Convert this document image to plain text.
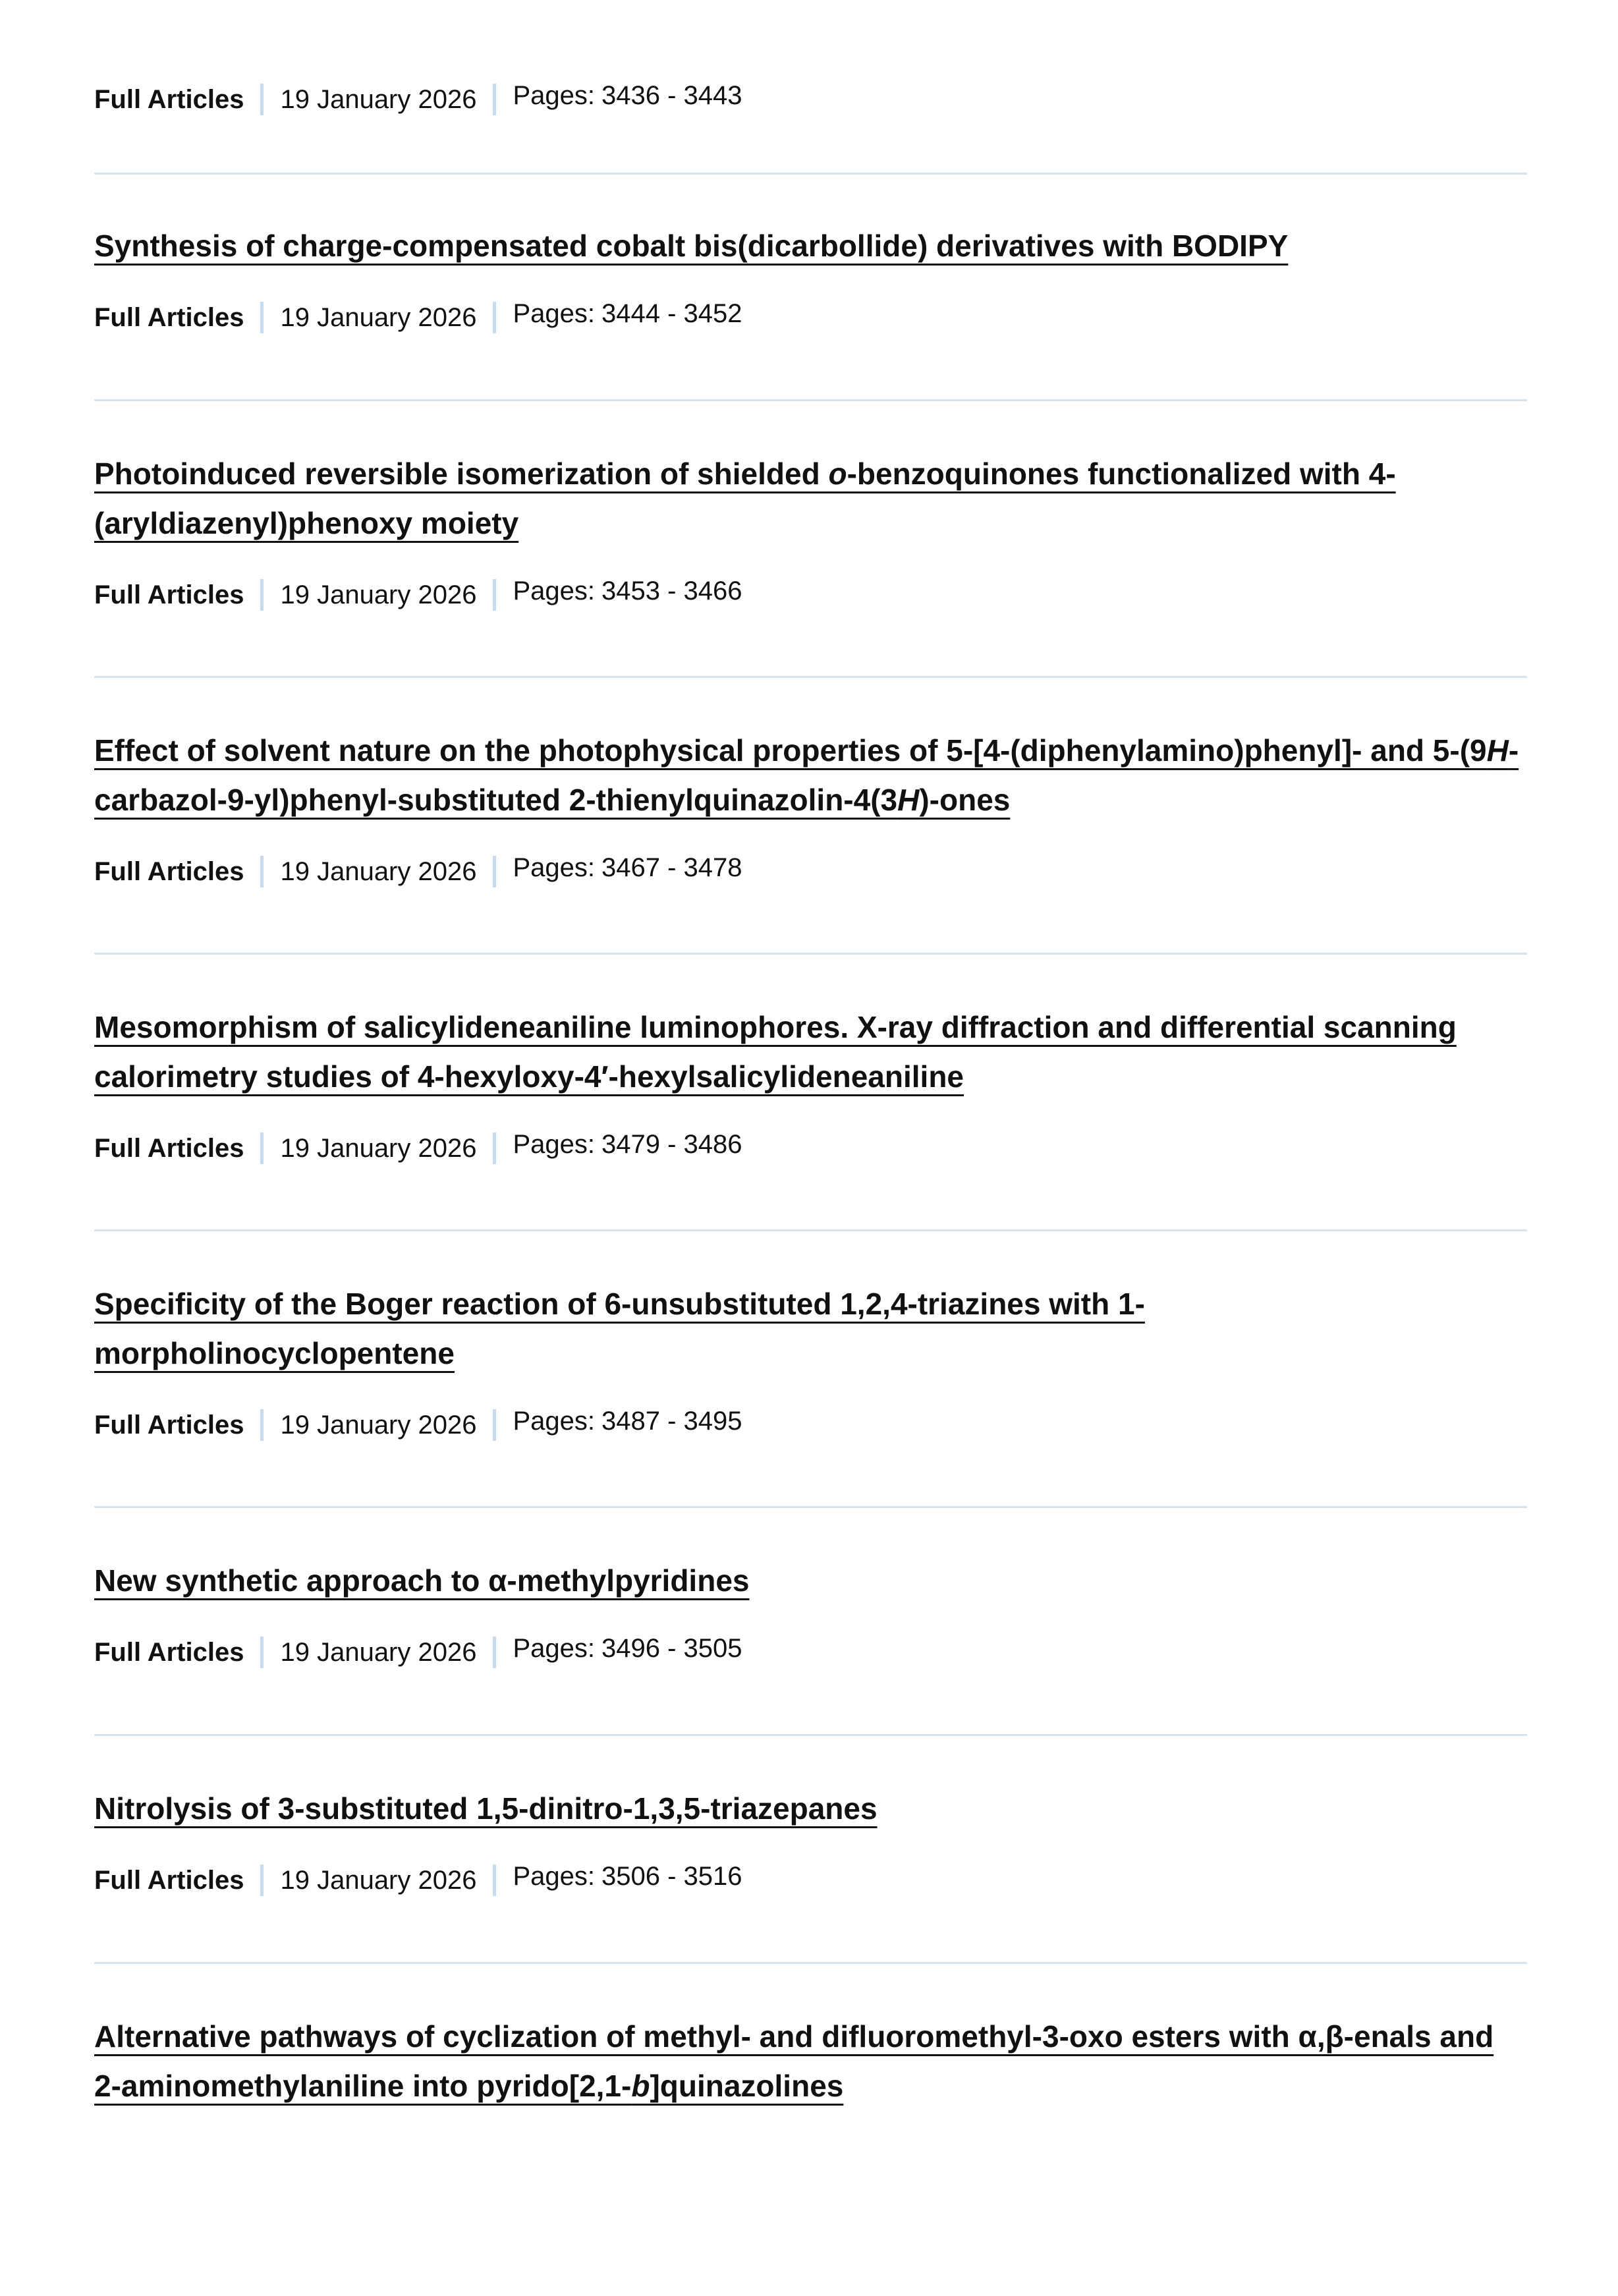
Full Articles 19 January 2026 Pages: 3436 - 3443
Synthesis of charge-compensated cobalt bis(dicarbollide) derivatives with BODIPY
Full Articles 19 January 2026 Pages: 3444 - 3452
Photoinduced reversible isomerization of shielded o-benzoquinones functionalized with 4-(aryldiazenyl)phenoxy moiety
Full Articles 19 January 2026 Pages: 3453 - 3466
Effect of solvent nature on the photophysical properties of 5-[4-(diphenylamino)phenyl]- and 5-(9H-carbazol-9-yl)phenyl-substituted 2-thienylquinazolin-4(3H)-ones
Full Articles 19 January 2026 Pages: 3467 - 3478
Mesomorphism of salicylideneaniline luminophores. X-ray diffraction and differential scanning calorimetry studies of 4-hexyloxy-4′-hexylsalicylideneaniline
Full Articles 19 January 2026 Pages: 3479 - 3486
Specificity of the Boger reaction of 6-unsubstituted 1,2,4-triazines with 1-morpholinocyclopentene
Full Articles 19 January 2026 Pages: 3487 - 3495
New synthetic approach to α-methylpyridines
Full Articles 19 January 2026 Pages: 3496 - 3505
Nitrolysis of 3-substituted 1,5-dinitro-1,3,5-triazepanes
Full Articles 19 January 2026 Pages: 3506 - 3516
Alternative pathways of cyclization of methyl- and difluoromethyl-3-oxo esters with α,β-enals and 2-aminomethylaniline into pyrido[2,1-b]quinazolines
